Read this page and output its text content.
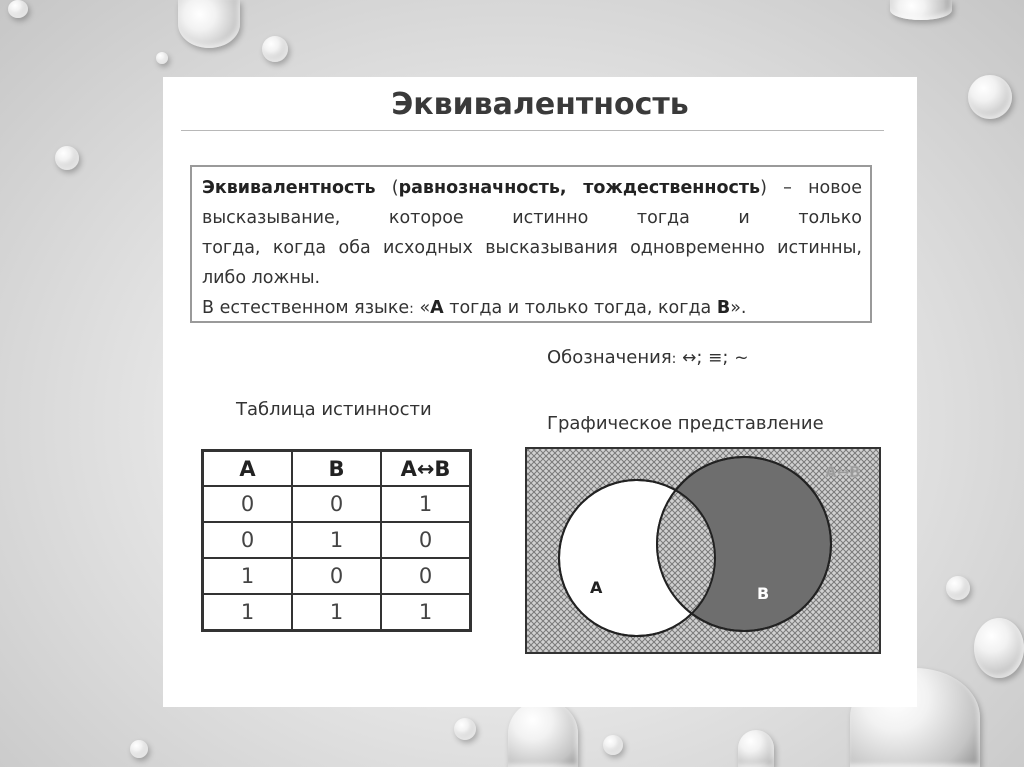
Эквивалентность
Эквивалентность (равнозначность, тождественность) – новое высказывание, которое истинно тогда и только тогда, когда оба исходных высказывания одновременно истинны, либо ложны.
В естественном языке: «А тогда и только тогда, когда В».
Обозначения: ↔; ≡; ~
Таблица истинности
A	B	A↔B
0	0	1
0	1	0
1	0	0
1	1	1
Графическое представление
A	B
A↔B
